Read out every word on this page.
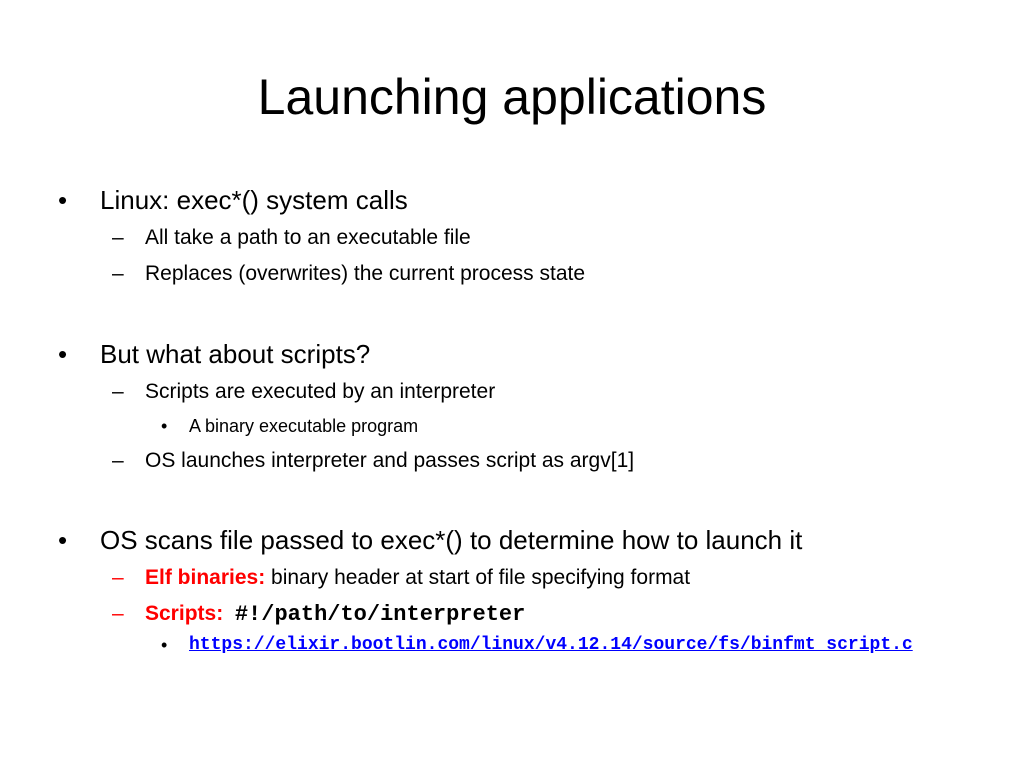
Launching applications
• Linux: exec*() system calls
– All take a path to an executable file
– Replaces (overwrites) the current process state
• But what about scripts?
– Scripts are executed by an interpreter
• A binary executable program
– OS launches interpreter and passes script as argv[1]
• OS scans file passed to exec*() to determine how to launch it
– Elf binaries: binary header at start of file specifying format
– Scripts: #!/path/to/interpreter
• https://elixir.bootlin.com/linux/v4.12.14/source/fs/binfmt_script.c
